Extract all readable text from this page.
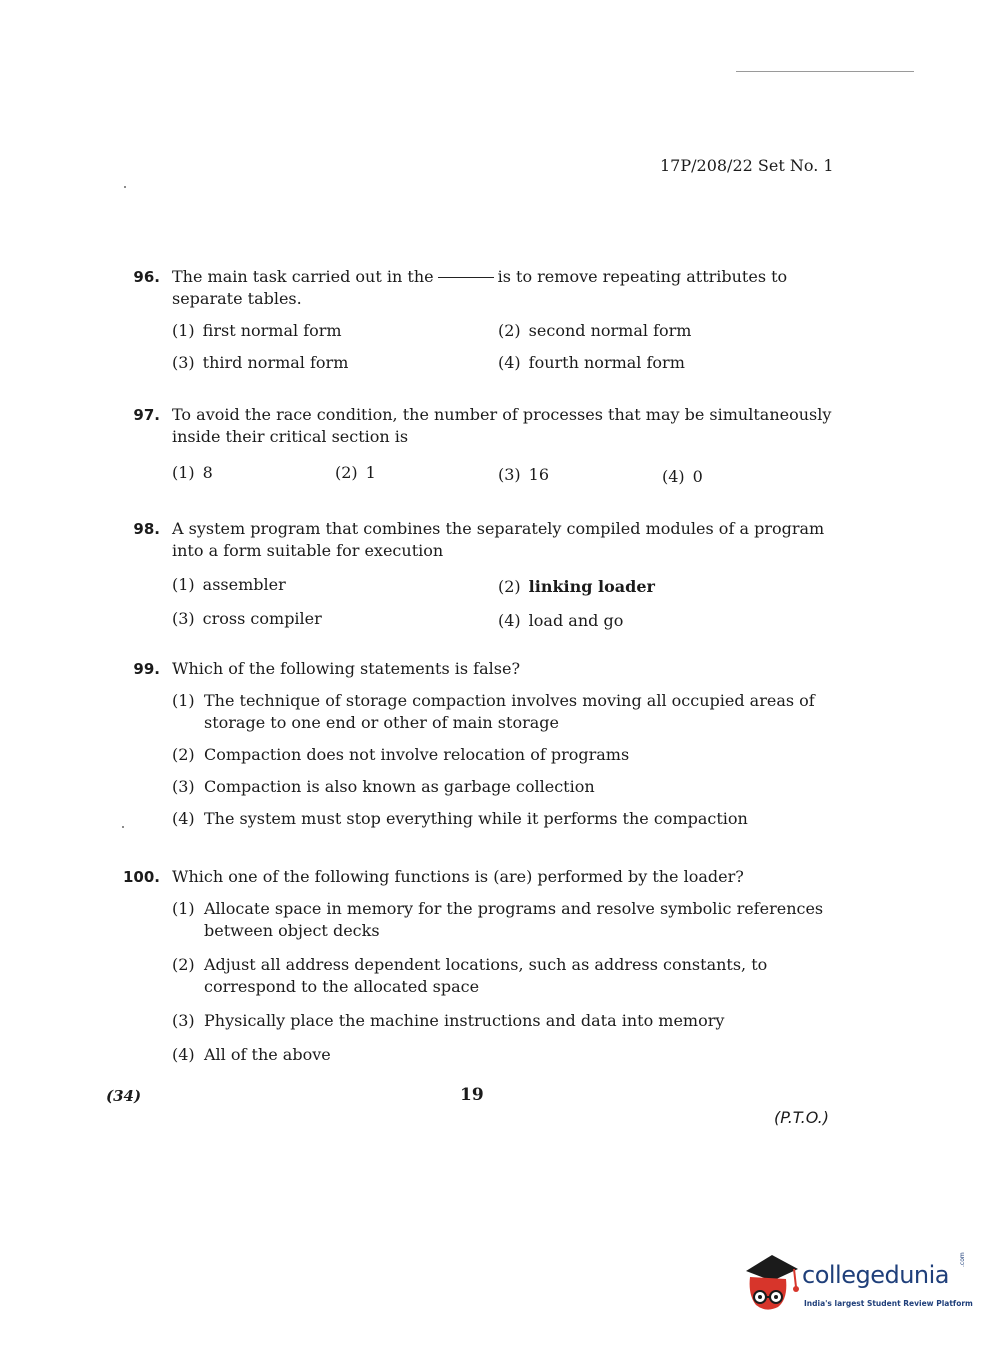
17P/208/22 Set No. 1
96. The main task carried out in the	is to remove repeating attributes to separate tables.
(1) first normal form	(2) second normal form
(3) third normal form	(4) fourth normal form
97. To avoid the race condition, the number of processes that may be simultaneously inside their critical section is
(1) 8	(2) 1	(3) 16	(4) 0
98. A system program that combines the separately compiled modules of a program into a form suitable for execution
(1) assembler	(2) linking loader
(3) cross compiler	(4) load and go
99. Which of the following statements is false?
(1) The technique of storage compaction involves moving all occupied areas of storage to one end or other of main storage
(2) Compaction does not involve relocation of programs
(3) Compaction is also known as garbage collection
(4) The system must stop everything while it performs the compaction
100. Which one of the following functions is (are) performed by the loader?
(1) Allocate space in memory for the programs and resolve symbolic references between object decks
(2) Adjust all address dependent locations, such as address constants, to correspond to the allocated space
(3) Physically place the machine instructions and data into memory
(4) All of the above
(34)	19
(P.T.O.)
collegedunia
.com
India's largest Student Review Platform
